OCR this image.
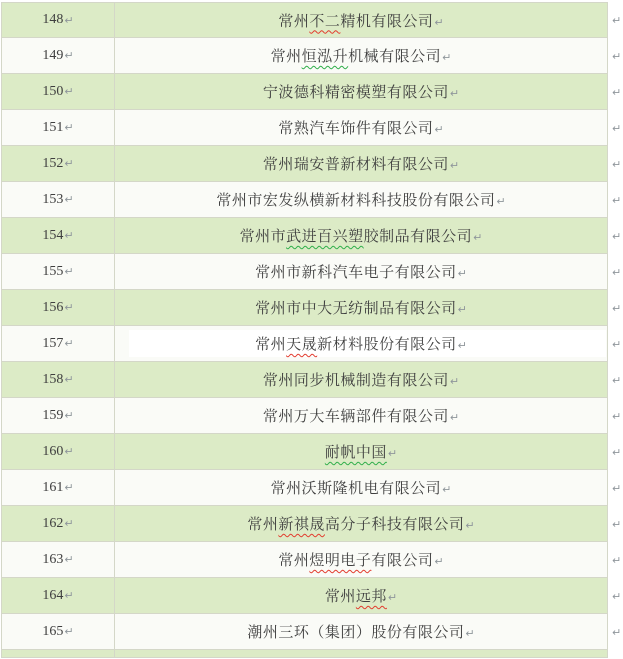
148 ↵	常州不二精机有限公司↵	↵
149 ↵	常州恒泓升机械有限公司↵	↵
150 ↵	宁波德科精密模塑有限公司↵	↵
151 ↵	常熟汽车饰件有限公司↵	↵
152 ↵	常州瑞安普新材料有限公司↵	↵
153 ↵	常州市宏发纵横新材料科技股份有限公司↵	↵
154 ↵	常州市武进百兴塑胶制品有限公司↵	↵
155 ↵	常州市新科汽车电子有限公司↵	↵
156 ↵	常州市中大无纺制品有限公司↵	↵
157 ↵	常州天晟新材料股份有限公司↵	↵
158 ↵	常州同步机械制造有限公司↵	↵
159 ↵	常州万大车辆部件有限公司↵	↵
160 ↵	耐帆中国↵	↵
161 ↵	常州沃斯隆机电有限公司↵	↵
162 ↵	常州新祺晟高分子科技有限公司↵	↵
163 ↵	常州煜明电子有限公司↵	↵
164 ↵	常州远邦↵	↵
165 ↵	潮州三环（集团）股份有限公司↵	↵
